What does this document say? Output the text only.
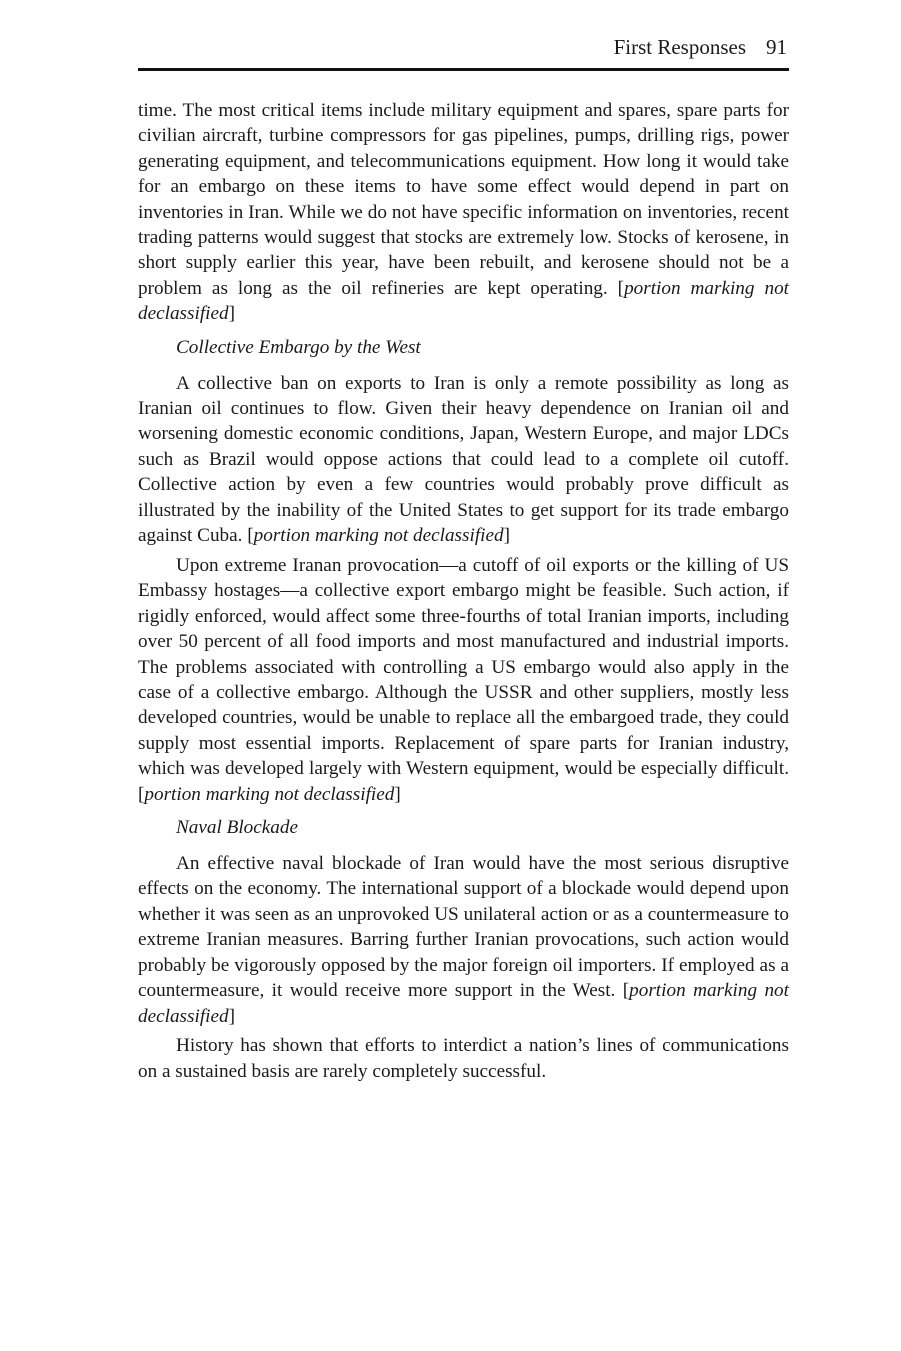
First Responses 91

time. The most critical items include military equipment and spares, spare parts for civilian aircraft, turbine compressors for gas pipelines, pumps, drilling rigs, power generating equipment, and telecommunications equipment. How long it would take for an embargo on these items to have some effect would depend in part on inventories in Iran. While we do not have specific information on inventories, recent trading patterns would suggest that stocks are extremely low. Stocks of kerosene, in short supply earlier this year, have been rebuilt, and kerosene should not be a problem as long as the oil refineries are kept operating. [portion marking not declassified]

Collective Embargo by the West

A collective ban on exports to Iran is only a remote possibility as long as Iranian oil continues to flow. Given their heavy dependence on Iranian oil and worsening domestic economic conditions, Japan, Western Europe, and major LDCs such as Brazil would oppose actions that could lead to a complete oil cutoff. Collective action by even a few countries would probably prove difficult as illustrated by the inability of the United States to get support for its trade embargo against Cuba. [portion marking not declassified]

Upon extreme Iranan provocation—a cutoff of oil exports or the killing of US Embassy hostages—a collective export embargo might be feasible. Such action, if rigidly enforced, would affect some three-fourths of total Iranian imports, including over 50 percent of all food imports and most manufactured and industrial imports. The problems associated with controlling a US embargo would also apply in the case of a collective embargo. Although the USSR and other suppliers, mostly less developed countries, would be unable to replace all the embargoed trade, they could supply most essential imports. Replacement of spare parts for Iranian industry, which was developed largely with Western equipment, would be especially difficult. [portion marking not declassified]

Naval Blockade

An effective naval blockade of Iran would have the most serious disruptive effects on the economy. The international support of a blockade would depend upon whether it was seen as an unprovoked US unilateral action or as a countermeasure to extreme Iranian measures. Barring further Iranian provocations, such action would probably be vigorously opposed by the major foreign oil importers. If employed as a countermeasure, it would receive more support in the West. [portion marking not declassified]

History has shown that efforts to interdict a nation’s lines of communications on a sustained basis are rarely completely successful.
